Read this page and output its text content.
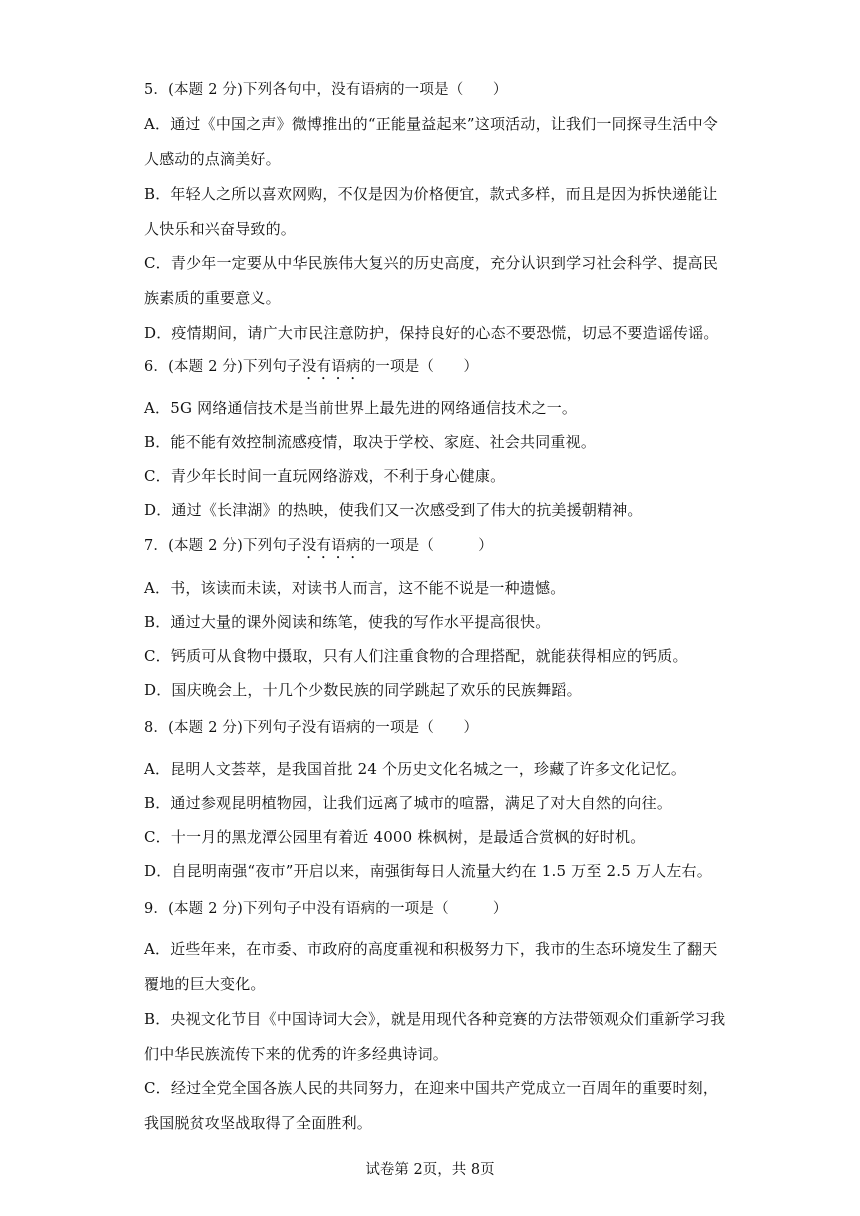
5．(本题 2 分)下列各句中，没有语病的一项是（　　）
A．通过《中国之声》微博推出的“正能量益起来”这项活动，让我们一同探寻生活中令
人感动的点滴美好。
B．年轻人之所以喜欢网购，不仅是因为价格便宜，款式多样，而且是因为拆快递能让
人快乐和兴奋导致的。
C．青少年一定要从中华民族伟大复兴的历史高度，充分认识到学习社会科学、提高民
族素质的重要意义。
D．疫情期间，请广大市民注意防护，保持良好的心态不要恐慌，切忌不要造谣传谣。
6．(本题 2 分)下列句子没有语病的一项是（　　）
A．5G 网络通信技术是当前世界上最先进的网络通信技术之一。
B．能不能有效控制流感疫情，取决于学校、家庭、社会共同重视。
C．青少年长时间一直玩网络游戏，不利于身心健康。
D．通过《长津湖》的热映，使我们又一次感受到了伟大的抗美援朝精神。
7．(本题 2 分)下列句子没有语病的一项是（　　　）
A．书，该读而未读，对读书人而言，这不能不说是一种遗憾。
B．通过大量的课外阅读和练笔，使我的写作水平提高很快。
C．钙质可从食物中摄取，只有人们注重食物的合理搭配，就能获得相应的钙质。
D．国庆晚会上，十几个少数民族的同学跳起了欢乐的民族舞蹈。
8．(本题 2 分)下列句子没有语病的一项是（　　）
A．昆明人文荟萃，是我国首批 24 个历史文化名城之一，珍藏了许多文化记忆。
B．通过参观昆明植物园，让我们远离了城市的喧嚣，满足了对大自然的向往。
C．十一月的黑龙潭公园里有着近 4000 株枫树，是最适合赏枫的好时机。
D．自昆明南强“夜市”开启以来，南强街每日人流量大约在 1.5 万至 2.5 万人左右。
9．(本题 2 分)下列句子中没有语病的一项是（　　　）
A．近些年来，在市委、市政府的高度重视和积极努力下，我市的生态环境发生了翻天
覆地的巨大变化。
B．央视文化节目《中国诗词大会》，就是用现代各种竞赛的方法带领观众们重新学习我
们中华民族流传下来的优秀的许多经典诗词。
C．经过全党全国各族人民的共同努力，在迎来中国共产党成立一百周年的重要时刻，
我国脱贫攻坚战取得了全面胜利。
试卷第 2页，共 8页
